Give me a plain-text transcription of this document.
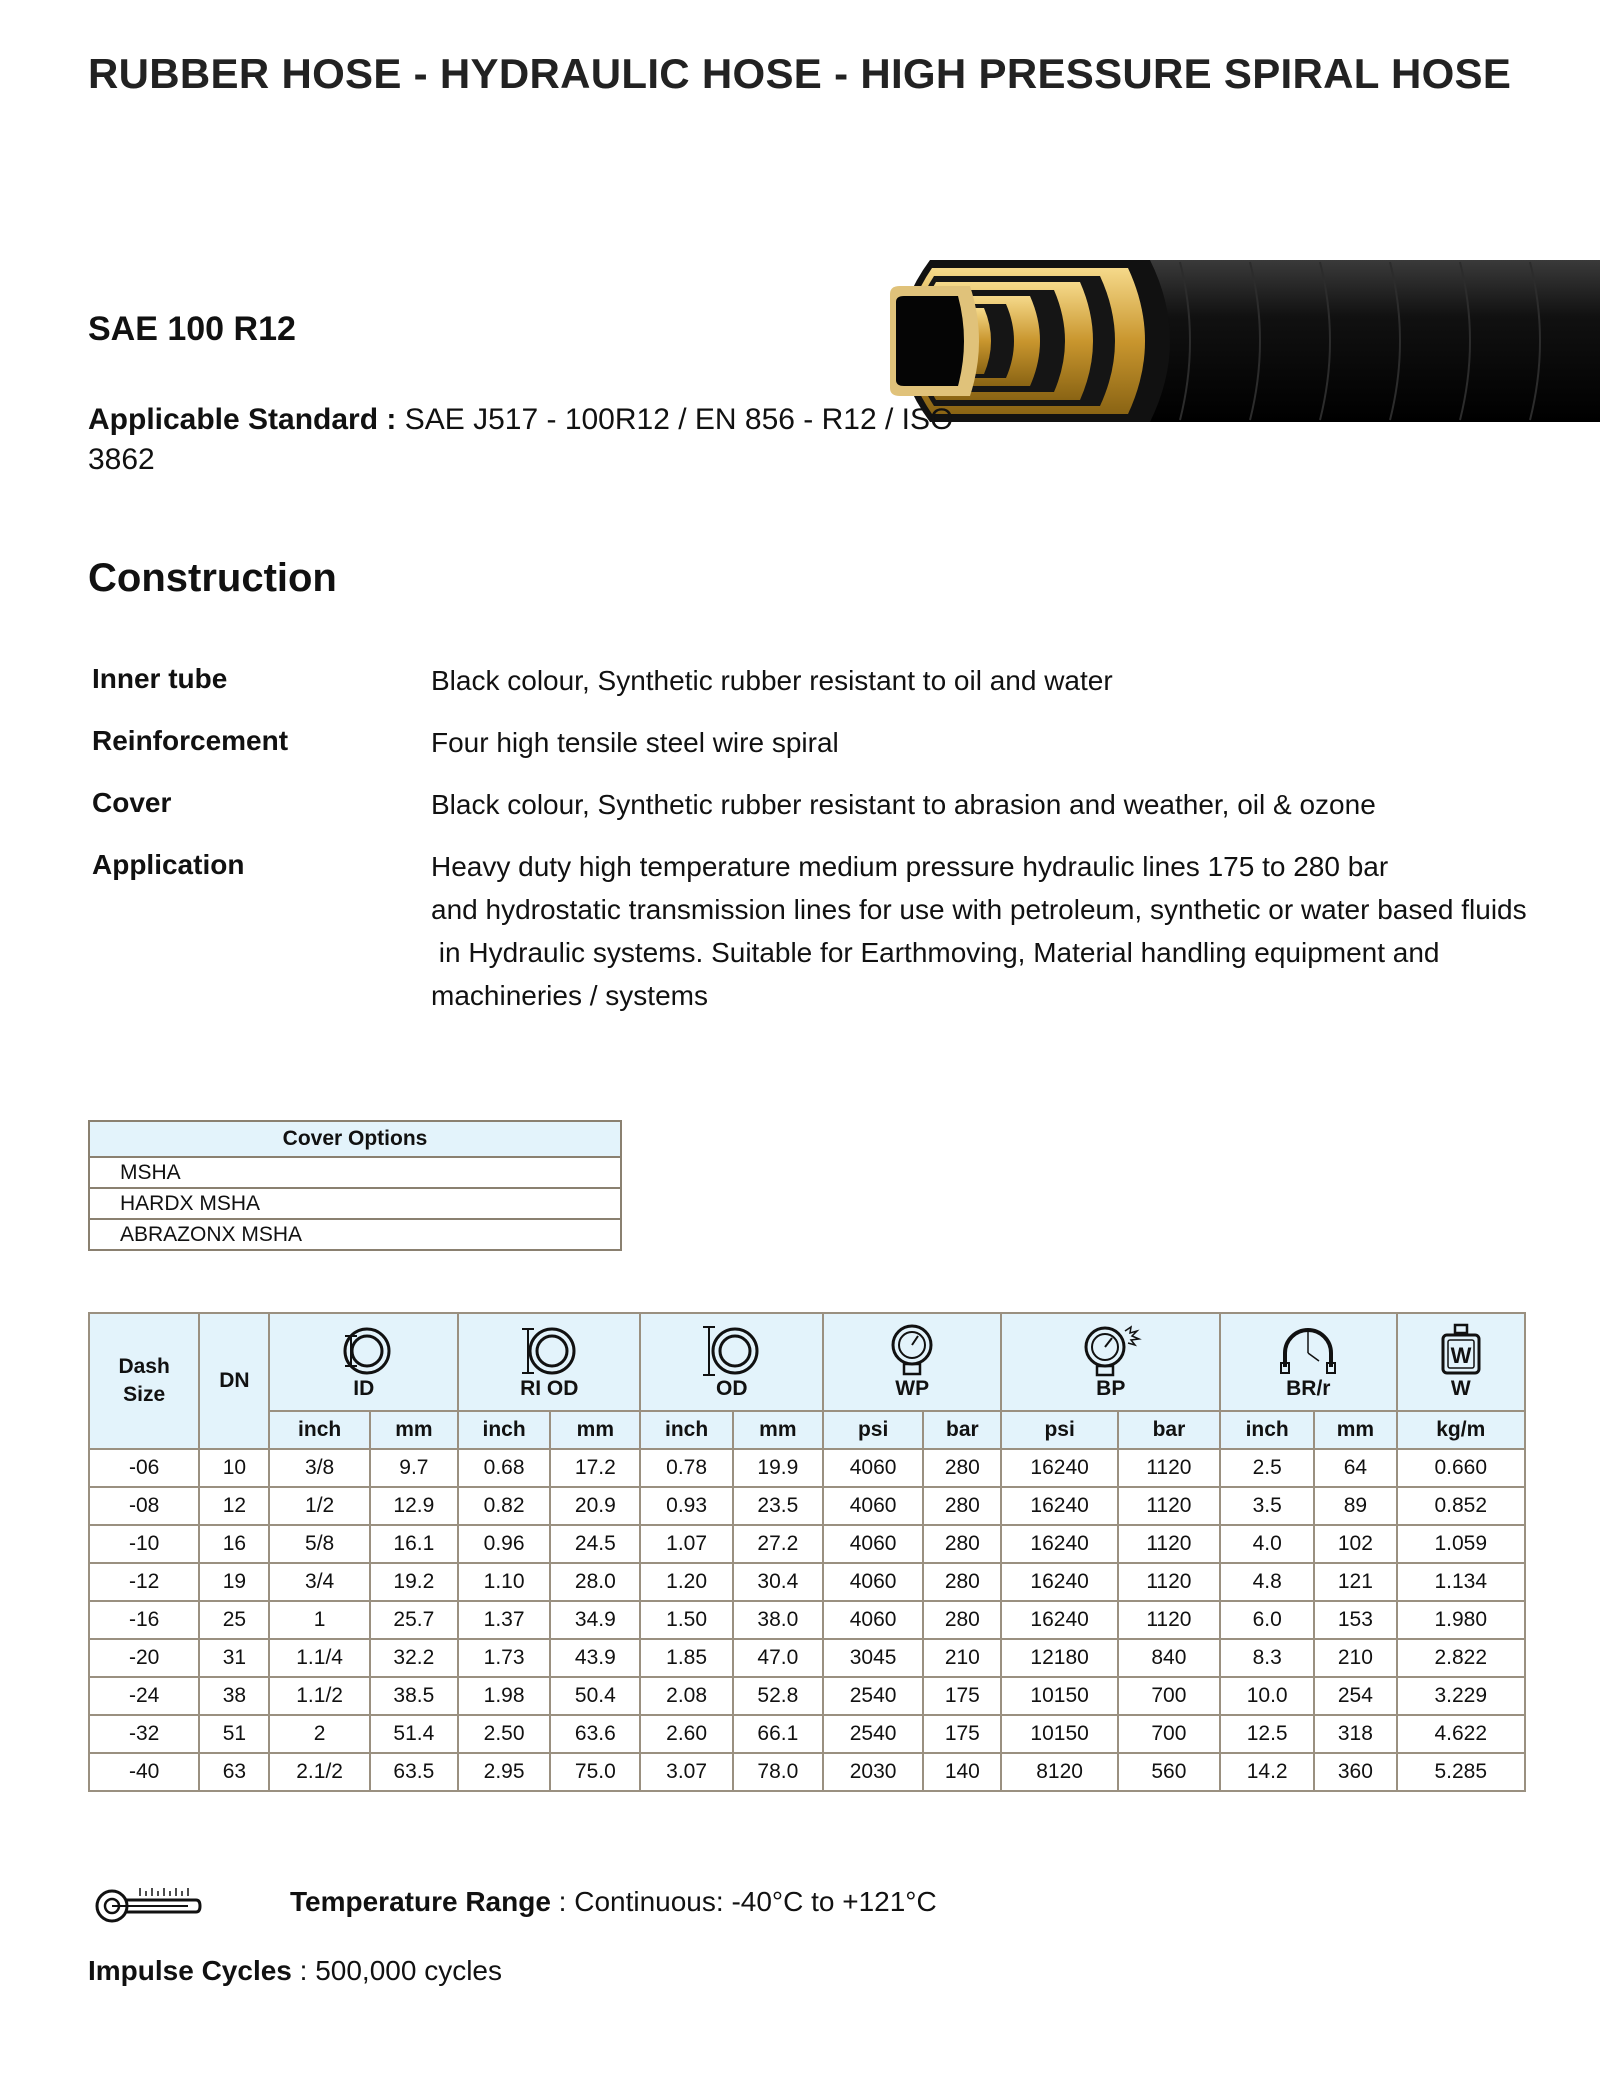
RUBBER HOSE - HYDRAULIC HOSE - HIGH PRESSURE SPIRAL HOSE
SAE 100 R12
Applicable Standard : SAE J517 - 100R12 / EN 856 - R12 / ISO
3862
Construction
Inner tube	Black colour, Synthetic rubber resistant to oil and water
Reinforcement	Four high tensile steel wire spiral
Cover	Black colour, Synthetic rubber resistant to abrasion and weather, oil & ozone
Application	Heavy duty high temperature medium pressure hydraulic lines 175 to 280 bar
and hydrostatic transmission lines for use with petroleum, synthetic or water based fluids
in Hydraulic systems. Suitable for Earthmoving, Material handling equipment and
machineries / systems
Cover Options
MSHA
HARDX MSHA
ABRAZONX MSHA
Dash Size	DN	ID		RI OD		OD		WP		BP		BR/r		W
W

		inch	mm	inch	mm	inch	mm	psi	bar	psi	bar	inch	mm	kg/m
-06	10	3/8	9.7	0.68	17.2	0.78	19.9	4060	280	16240	1120	2.5	64	0.660
-08	12	1/2	12.9	0.82	20.9	0.93	23.5	4060	280	16240	1120	3.5	89	0.852
-10	16	5/8	16.1	0.96	24.5	1.07	27.2	4060	280	16240	1120	4.0	102	1.059
-12	19	3/4	19.2	1.10	28.0	1.20	30.4	4060	280	16240	1120	4.8	121	1.134
-16	25	1	25.7	1.37	34.9	1.50	38.0	4060	280	16240	1120	6.0	153	1.980
-20	31	1.1/4	32.2	1.73	43.9	1.85	47.0	3045	210	12180	840	8.3	210	2.822
-24	38	1.1/2	38.5	1.98	50.4	2.08	52.8	2540	175	10150	700	10.0	254	3.229
-32	51	2	51.4	2.50	63.6	2.60	66.1	2540	175	10150	700	12.5	318	4.622
-40	63	2.1/2	63.5	2.95	75.0	3.07	78.0	2030	140	8120	560	14.2	360	5.285
Temperature Range : Continuous: -40°C to +121°C
Impulse Cycles : 500,000 cycles
